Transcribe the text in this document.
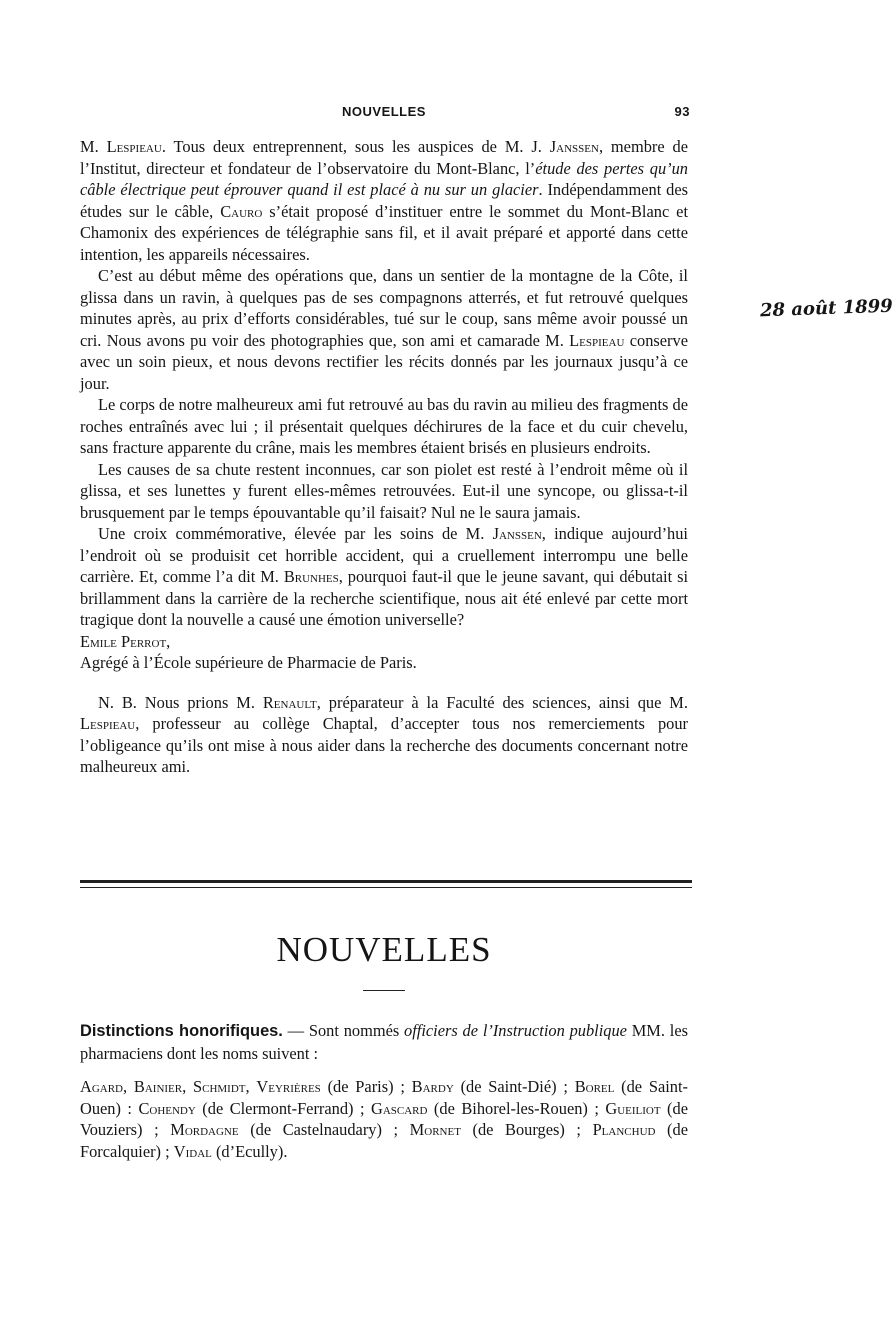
NOUVELLES	93

M. Lespieau. Tous deux entreprennent, sous les auspices de M. J. Janssen, membre de l’Institut, directeur et fondateur de l’observatoire du Mont-Blanc, l’étude des pertes qu’un câble électrique peut éprouver quand il est placé à nu sur un glacier. Indépendamment des études sur le câble, Cauro s’était proposé d’instituer entre le sommet du Mont-Blanc et Chamonix des expériences de télégraphie sans fil, et il avait préparé et apporté dans cette intention, les appareils nécessaires.

C’est au début même des opérations que, dans un sentier de la montagne de la Côte, il glissa dans un ravin, à quelques pas de ses compagnons atterrés, et fut retrouvé quelques minutes après, au prix d’efforts considérables, tué sur le coup, sans même avoir poussé un cri. Nous avons pu voir des photographies que, son ami et camarade M. Lespieau conserve avec un soin pieux, et nous devons rectifier les récits donnés par les journaux jusqu’à ce jour.

Le corps de notre malheureux ami fut retrouvé au bas du ravin au milieu des fragments de roches entraînés avec lui ; il présentait quelques déchirures de la face et du cuir chevelu, sans fracture apparente du crâne, mais les membres étaient brisés en plusieurs endroits.

Les causes de sa chute restent inconnues, car son piolet est resté à l’endroit même où il glissa, et ses lunettes y furent elles-mêmes retrouvées. Eut-il une syncope, ou glissa-t-il brusquement par le temps épouvantable qu’il faisait? Nul ne le saura jamais.

Une croix commémorative, élevée par les soins de M. Janssen, indique aujourd’hui l’endroit où se produisit cet horrible accident, qui a cruellement interrompu une belle carrière. Et, comme l’a dit M. Brunhes, pourquoi faut-il que le jeune savant, qui débutait si brillamment dans la carrière de la recherche scientifique, nous ait été enlevé par cette mort tragique dont la nouvelle a causé une émotion universelle?

Emile Perrot,

Agrégé à l’École supérieure de Pharmacie de Paris.

N. B. Nous prions M. Renault, préparateur à la Faculté des sciences, ainsi que M. Lespieau, professeur au collège Chaptal, d’accepter tous nos remerciements pour l’obligeance qu’ils ont mise à nous aider dans la recherche des documents concernant notre malheureux ami.

28 août 1899
NOUVELLES

Distinctions honorifiques. — Sont nommés officiers de l’Instruction publique MM. les pharmaciens dont les noms suivent :

Agard, Bainier, Schmidt, Veyrières (de Paris) ; Bardy (de Saint-Dié) ; Borel (de Saint-Ouen) : Cohendy (de Clermont-Ferrand) ; Gascard (de Bihorel-les-Rouen) ; Gueiliot (de Vouziers) ; Mordagne (de Castelnaudary) ; Mornet (de Bourges) ; Planchud (de Forcalquier) ; Vidal (d’Ecully).
